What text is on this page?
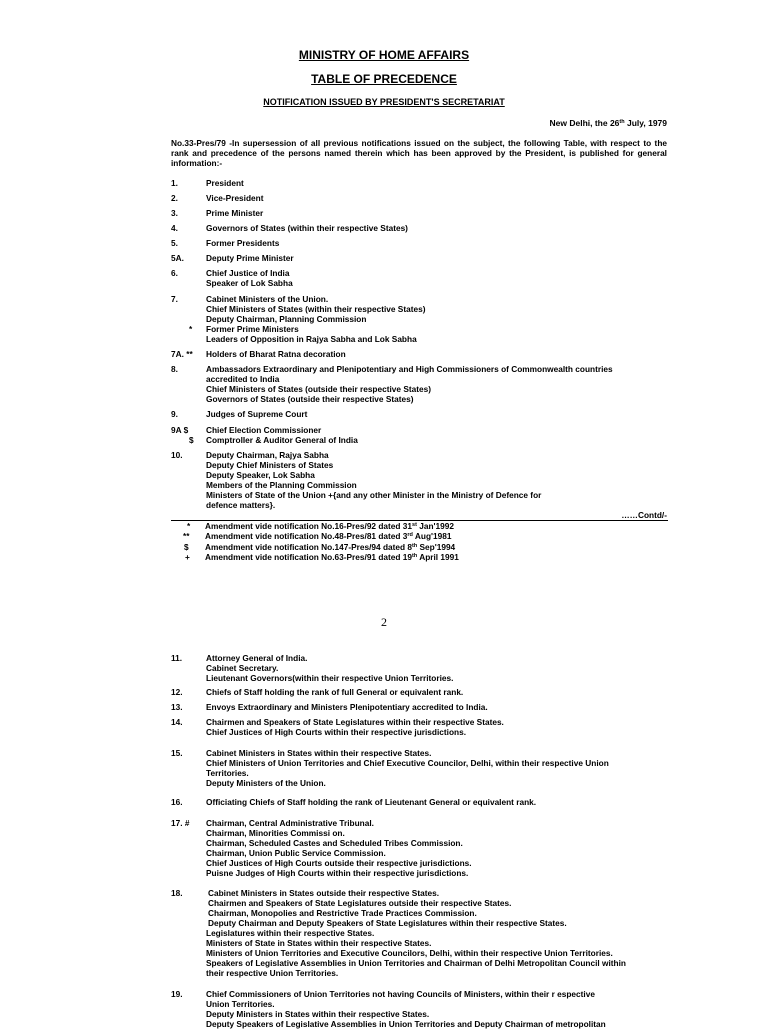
MINISTRY OF HOME AFFAIRS
TABLE OF PRECEDENCE
NOTIFICATION ISSUED BY PRESIDENT'S SECRETARIAT
New Delhi, the 26th July, 1979
No.33-Pres/79 -In supersession of all previous notifications issued on the subject, the following Table, with respect to the rank and precedence of the persons named therein which has been approved by the President, is published for general information:-
1.	President
2.	Vice-President
3.	Prime Minister
4.	Governors of States (within their respective States)
5.	Former Presidents
5A.	Deputy Prime Minister
6.	Chief Justice of India
Speaker of Lok Sabha
7.	Cabinet Ministers of the Union.
Chief Ministers of States (within their respective States)
Deputy Chairman, Planning Commission
* Former Prime Ministers
Leaders of Opposition in Rajya Sabha and Lok Sabha
7A. ** Holders of Bharat Ratna decoration
8.	Ambassadors Extraordinary and Plenipotentiary and High Commissioners of Commonwealth countries
accredited to India
Chief Ministers of States (outside their respective States)
Governors of States (outside their respective States)
9.	Judges of Supreme Court
9A $ Chief Election Commissioner
$ Comptroller & Auditor General of India
10.	Deputy Chairman, Rajya Sabha
Deputy Chief Ministers of States
Deputy Speaker, Lok Sabha
Members of the Planning Commission
Ministers of State of the Union +{and any other Minister in the Ministry of Defence for
defence matters}.
……Contd/-
* Amendment vide notification No.16-Pres/92 dated 31st Jan'1992
** Amendment vide notification No.48-Pres/81 dated 3rd Aug'1981
$ Amendment vide notification No.147-Pres/94 dated 8th Sep'1994
+ Amendment vide notification No.63-Pres/91 dated 19th April 1991
2
11.	Attorney General of India.
Cabinet Secretary.
Lieutenant Governors(within their respective Union Territories.
12.	Chiefs of Staff holding the rank of full General or equivalent rank.
13.	Envoys Extraordinary and Ministers Plenipotentiary accredited to India.
14.	Chairmen and Speakers of State Legislatures within their respective States.
Chief Justices of High Courts within their respective jurisdictions.
15.	Cabinet Ministers in States within their respective States.
Chief Ministers of Union Territories and Chief Executive Councilor, Delhi, within their respective Union
Territories.
Deputy Ministers of the Union.
16.	Officiating Chiefs of Staff holding the rank of Lieutenant General or equivalent rank.
17. # Chairman, Central Administrative Tribunal.
Chairman, Minorities Commissi on.
Chairman, Scheduled Castes and Scheduled Tribes Commission.
Chairman, Union Public Service Commission.
Chief Justices of High Courts outside their respective jurisdictions.
Puisne Judges of High Courts within their respective jurisdictions.
18.	Cabinet Ministers in States outside their respective States.
Chairmen and Speakers of State Legislatures outside their respective States.
Chairman, Monopolies and Restrictive Trade Practices Commission.
Deputy Chairman and Deputy Speakers of State Legislatures within their respective States.
Legislatures within their respective States.
Ministers of State in States within their respective States.
Ministers of Union Territories and Executive Councilors, Delhi, within their respective Union Territories.
Speakers of Legislative Assemblies in Union Territories and Chairman of Delhi Metropolitan Council within
their respective Union Territories.
19.	Chief Commissioners of Union Territories not having Councils of Ministers, within their r espective
Union Territories.
Deputy Ministers in States within their respective States.
Deputy Speakers of Legislative Assemblies in Union Territories and Deputy Chairman of metropolitan
